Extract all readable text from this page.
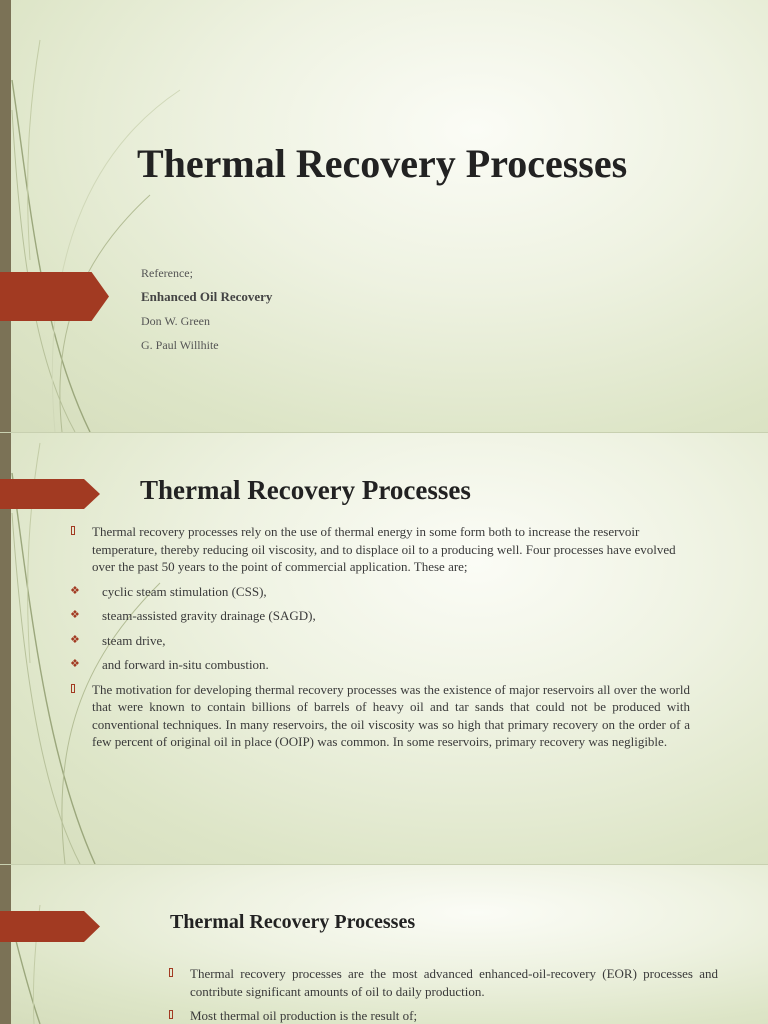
Thermal Recovery Processes
Reference;
Enhanced Oil Recovery
Don W. Green
G. Paul Willhite
Thermal Recovery Processes
Thermal recovery processes rely on the use of thermal energy in some form both to increase the reservoir temperature, thereby reducing oil viscosity, and to displace oil to a producing well. Four processes have evolved over the past 50 years to the point of commercial application. These are;
❖ cyclic steam stimulation (CSS),
❖ steam-assisted gravity drainage (SAGD),
❖ steam drive,
❖ and forward in-situ combustion.
The motivation for developing thermal recovery processes was the existence of major reservoirs all over the world that were known to contain billions of barrels of heavy oil and tar sands that could not be produced with conventional techniques. In many reservoirs, the oil viscosity was so high that primary recovery on the order of a few percent of original oil in place (OOIP) was common. In some reservoirs, primary recovery was negligible.
Thermal Recovery Processes
Thermal recovery processes are the most advanced enhanced-oil-recovery (EOR) processes and contribute significant amounts of oil to daily production.
Most thermal oil production is the result of;
